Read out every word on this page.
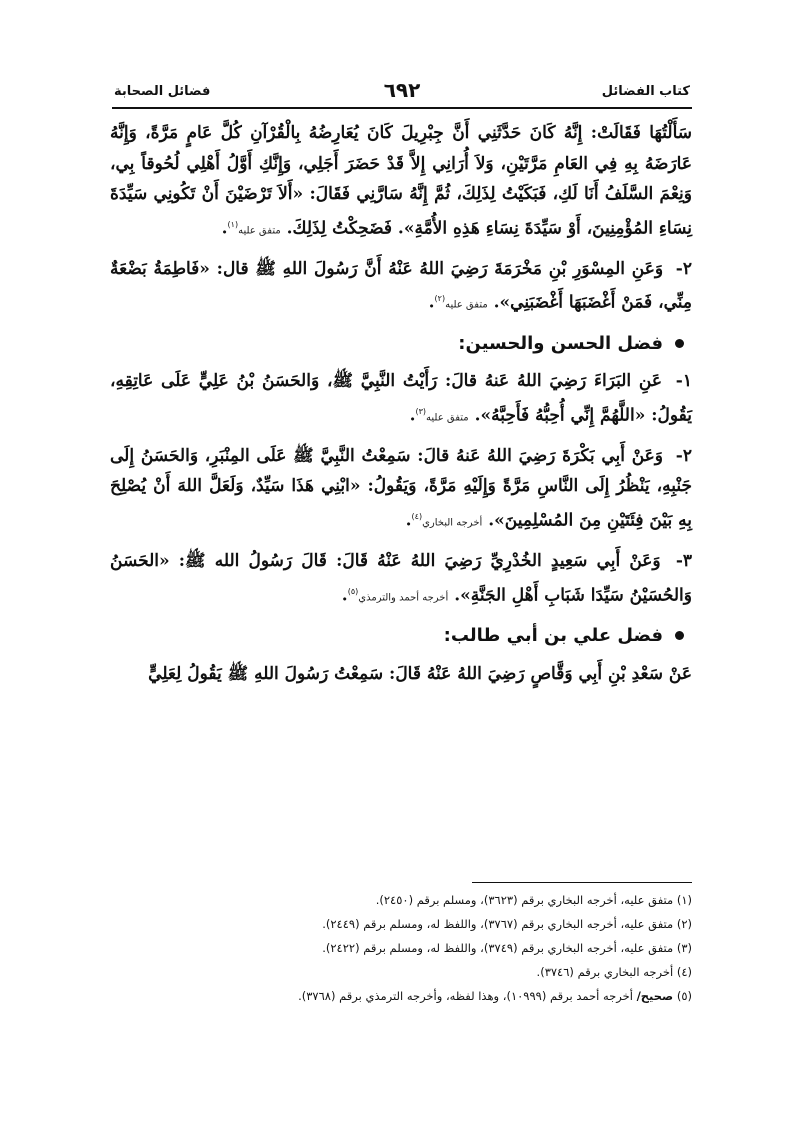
كتاب الفضائل
٦٩٢
فضائل الصحابة

سَأَلْتُهَا فَقَالَتْ: إِنَّهُ كَانَ حَدَّثَنِي أَنَّ جِبْرِيلَ كَانَ يُعَارِضُهُ بِالْقُرْآنِ كُلَّ عَامٍ مَرَّةً، وَإِنَّهُ عَارَضَهُ بِهِ فِي العَامِ مَرَّتَيْنِ، وَلاَ أُرَانِي إِلاَّ قَدْ حَضَرَ أَجَلِي، وَإِنَّكِ أَوَّلُ أَهْلِي لُحُوقاً بِي، وَنِعْمَ السَّلَفُ أَنَا لَكِ، فَبَكَيْتُ لِذَلِكَ، ثُمَّ إِنَّهُ سَارَّنِي فَقَالَ: «أَلاَ تَرْضَيْنَ أَنْ تَكُونِي سَيِّدَةَ نِسَاءِ المُؤْمِنِينَ، أَوْ سَيِّدَةَ نِسَاءِ هَذِهِ الأُمَّةِ». فَضَحِكْتُ لِذَلِكَ. متفق عليه$^{(١)}$.

٢- وَعَنِ المِسْوَرِ بْنِ مَخْرَمَةَ رَضِيَ اللهُ عَنْهُ أَنَّ رَسُولَ اللهِ ﷺ قال: «فَاطِمَةُ بَضْعَةٌ مِنِّي، فَمَنْ أَغْضَبَهَا أَغْضَبَنِي». متفق عليه$^{(٢)}$.

فضل الحسن والحسين:

١- عَنِ البَرَاءَ رَضِيَ اللهُ عَنهُ قالَ: رَأَيْتُ النَّبِيَّ ﷺ، وَالحَسَنُ بْنُ عَلِيٍّ عَلَى عَاتِقِهِ، يَقُولُ: «اللَّهُمَّ إِنِّي أُحِبُّهُ فَأَحِبَّهُ». متفق عليه$^{(٣)}$.

٢- وَعَنْ أَبِي بَكْرَةَ رَضِيَ اللهُ عَنهُ قالَ: سَمِعْتُ النَّبِيَّ ﷺ عَلَى المِنْبَرِ، وَالحَسَنُ إِلَى جَنْبِهِ، يَنْظُرُ إِلَى النَّاسِ مَرَّةً وَإِلَيْهِ مَرَّةً، وَيَقُولُ: «ابْنِي هَذَا سَيِّدٌ، وَلَعَلَّ اللهَ أَنْ يُصْلِحَ بِهِ بَيْنَ فِئَتَيْنِ مِنَ المُسْلِمِينَ». أخرجه البخاري$^{(٤)}$.

٣- وَعَنْ أَبِي سَعِيدٍ الخُدْرِيِّ رَضِيَ اللهُ عَنْهُ قَالَ: قَالَ رَسُولُ الله ﷺ: «الحَسَنُ وَالحُسَيْنُ سَيِّدَا شَبَابِ أَهْلِ الجَنَّةِ». أخرجه أحمد والترمذي$^{(٥)}$.

فضل علي بن أبي طالب:

عَنْ سَعْدِ بْنِ أَبِي وَقَّاصٍ رَضِيَ اللهُ عَنْهُ قَالَ: سَمِعْتُ رَسُولَ اللهِ ﷺ يَقُولُ لِعَلِيٍّ

(١) متفق عليه، أخرجه البخاري برقم (٣٦٢٣)، ومسلم برقم (٢٤٥٠).
(٢) متفق عليه، أخرجه البخاري برقم (٣٧٦٧)، واللفظ له، ومسلم برقم (٢٤٤٩).
(٣) متفق عليه، أخرجه البخاري برقم (٣٧٤٩)، واللفظ له، ومسلم برقم (٢٤٢٢).
(٤) أخرجه البخاري برقم (٣٧٤٦).
(٥) صحيح/ أخرجه أحمد برقم (١٠٩٩٩)، وهذا لفظه، وأخرجه الترمذي برقم (٣٧٦٨).
